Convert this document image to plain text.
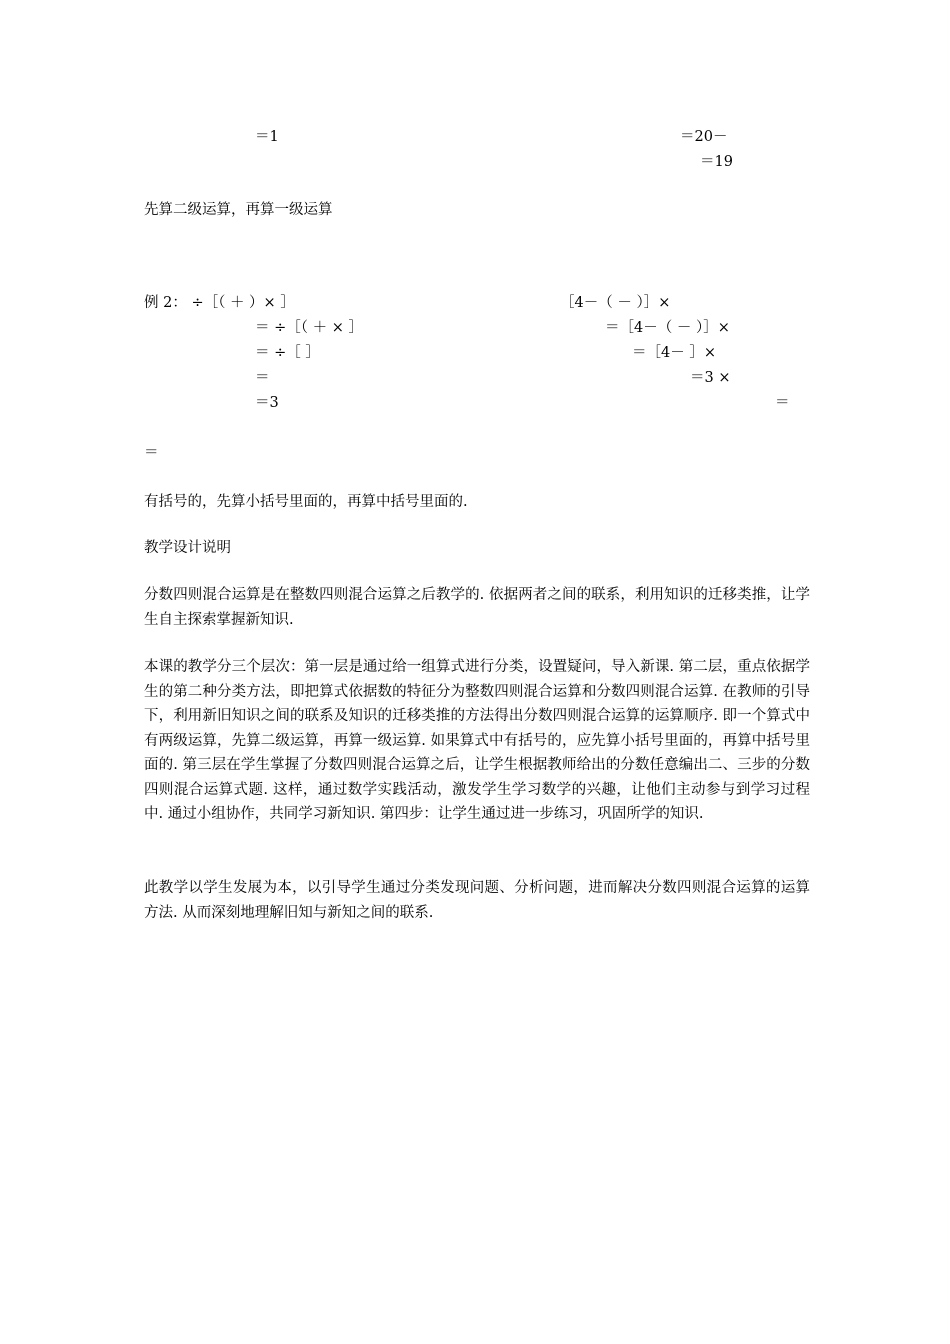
＝1	＝20－
＝19
先算二级运算，再算一级运算
例 2： ÷［（ ＋ ）× ］
＝ ÷［（ ＋ × ］
＝ ÷［ ］
＝
＝3
［4－（ － ）］×
＝［4－（ － ）］×
＝［4－ ］×
＝3 ×
＝
＝
有括号的，先算小括号里面的，再算中括号里面的.
教学设计说明
分数四则混合运算是在整数四则混合运算之后教学的. 依据两者之间的联系，利用知识的迁移类推，让学生自主探索掌握新知识.
本课的教学分三个层次：第一层是通过给一组算式进行分类，设置疑问，导入新课. 第二层，重点依据学生的第二种分类方法，即把算式依据数的特征分为整数四则混合运算和分数四则混合运算. 在教师的引导下，利用新旧知识之间的联系及知识的迁移类推的方法得出分数四则混合运算的运算顺序. 即一个算式中有两级运算，先算二级运算，再算一级运算. 如果算式中有括号的，应先算小括号里面的，再算中括号里面的. 第三层在学生掌握了分数四则混合运算之后，让学生根据教师给出的分数任意编出二、三步的分数四则混合运算式题. 这样，通过数学实践活动，激发学生学习数学的兴趣，让他们主动参与到学习过程中. 通过小组协作，共同学习新知识. 第四步：让学生通过进一步练习，巩固所学的知识.
此教学以学生发展为本，以引导学生通过分类发现问题、分析问题，进而解决分数四则混合运算的运算方法. 从而深刻地理解旧知与新知之间的联系.
